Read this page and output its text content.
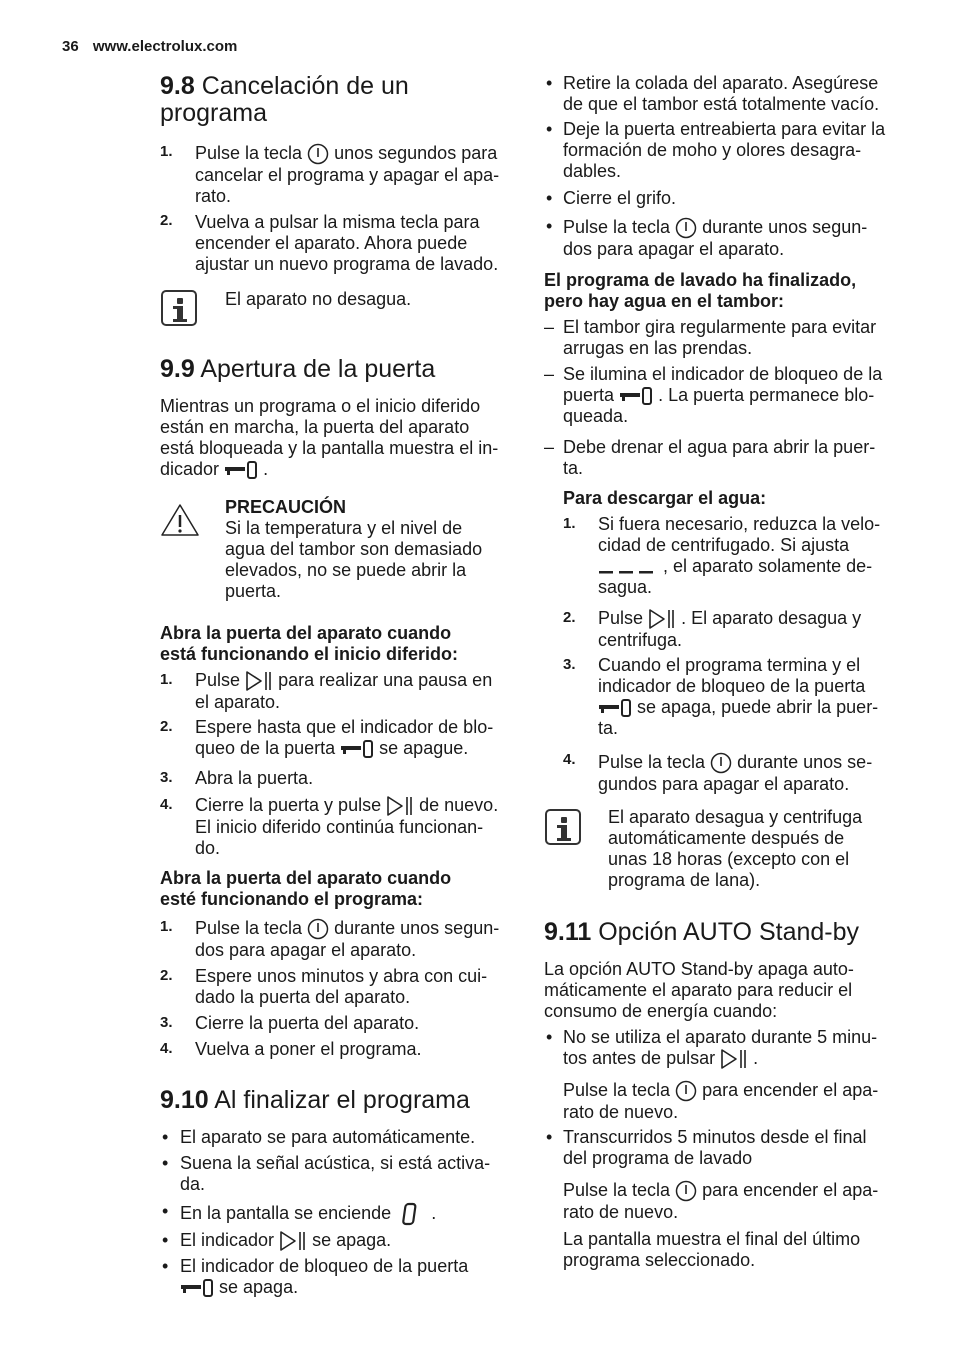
36 www.electrolux.com
9.8 Cancelación de un
programa
1. Pulse la tecla unos segundos para
cancelar el programa y apagar el apa-
rato.
2. Vuelva a pulsar la misma tecla para
encender el aparato. Ahora puede
ajustar un nuevo programa de lavado.

El aparato no desagua.

9.9 Apertura de la puerta

Mientras un programa o el inicio diferido
están en marcha, la puerta del aparato
está bloqueada y la pantalla muestra el in-
dicador .

PRECAUCIÓN

Si la temperatura y el nivel de
agua del tambor son demasiado
elevados, no se puede abrir la
puerta.

Abra la puerta del aparato cuando
está funcionando el inicio diferido:

1. Pulse para realizar una pausa en
el aparato.
2. Espere hasta que el indicador de blo-
queo de la puerta se apague.
3. Abra la puerta.
4. Cierre la puerta y pulse de nuevo.
El inicio diferido continúa funcionan-
do.

Abra la puerta del aparato cuando
esté funcionando el programa:

1. Pulse la tecla durante unos segun-
dos para apagar el aparato.
2. Espere unos minutos y abra con cui-
dado la puerta del aparato.
3. Cierre la puerta del aparato.
4. Vuelva a poner el programa.
9.10 Al finalizar el programa
• El aparato se para automáticamente.
• Suena la señal acústica, si está activa-
da.
• En la pantalla se enciende .
• El indicador se apaga.
• El indicador de bloqueo de la puerta
se apaga.
• Retire la colada del aparato. Asegúrese
de que el tambor está totalmente vacío.
• Deje la puerta entreabierta para evitar la
formación de moho y olores desagra-
dables.
• Cierre el grifo.
• Pulse la tecla durante unos segun-
dos para apagar el aparato.

El programa de lavado ha finalizado,
pero hay agua en el tambor:

– El tambor gira regularmente para evitar
arrugas en las prendas.
– Se ilumina el indicador de bloqueo de la
puerta . La puerta permanece blo-
queada.
– Debe drenar el agua para abrir la puer-
ta.

Para descargar el agua:

1. Si fuera necesario, reduzca la velo-
cidad de centrifugado. Si ajusta
, el aparato solamente de-
sagua.
2. Pulse . El aparato desagua y
centrifuga.
3. Cuando el programa termina y el
indicador de bloqueo de la puerta
se apaga, puede abrir la puer-
ta.
4. Pulse la tecla durante unos se-
gundos para apagar el aparato.

El aparato desagua y centrifuga
automáticamente después de
unas 18 horas (excepto con el
programa de lana).

9.11 Opción AUTO Stand-by

La opción AUTO Stand-by apaga auto-
máticamente el aparato para reducir el
consumo de energía cuando:

• No se utiliza el aparato durante 5 minu-
tos antes de pulsar .

Pulse la tecla para encender el apa-
rato de nuevo.

• Transcurridos 5 minutos desde el final
del programa de lavado

Pulse la tecla para encender el apa-
rato de nuevo.

La pantalla muestra el final del último
programa seleccionado.
